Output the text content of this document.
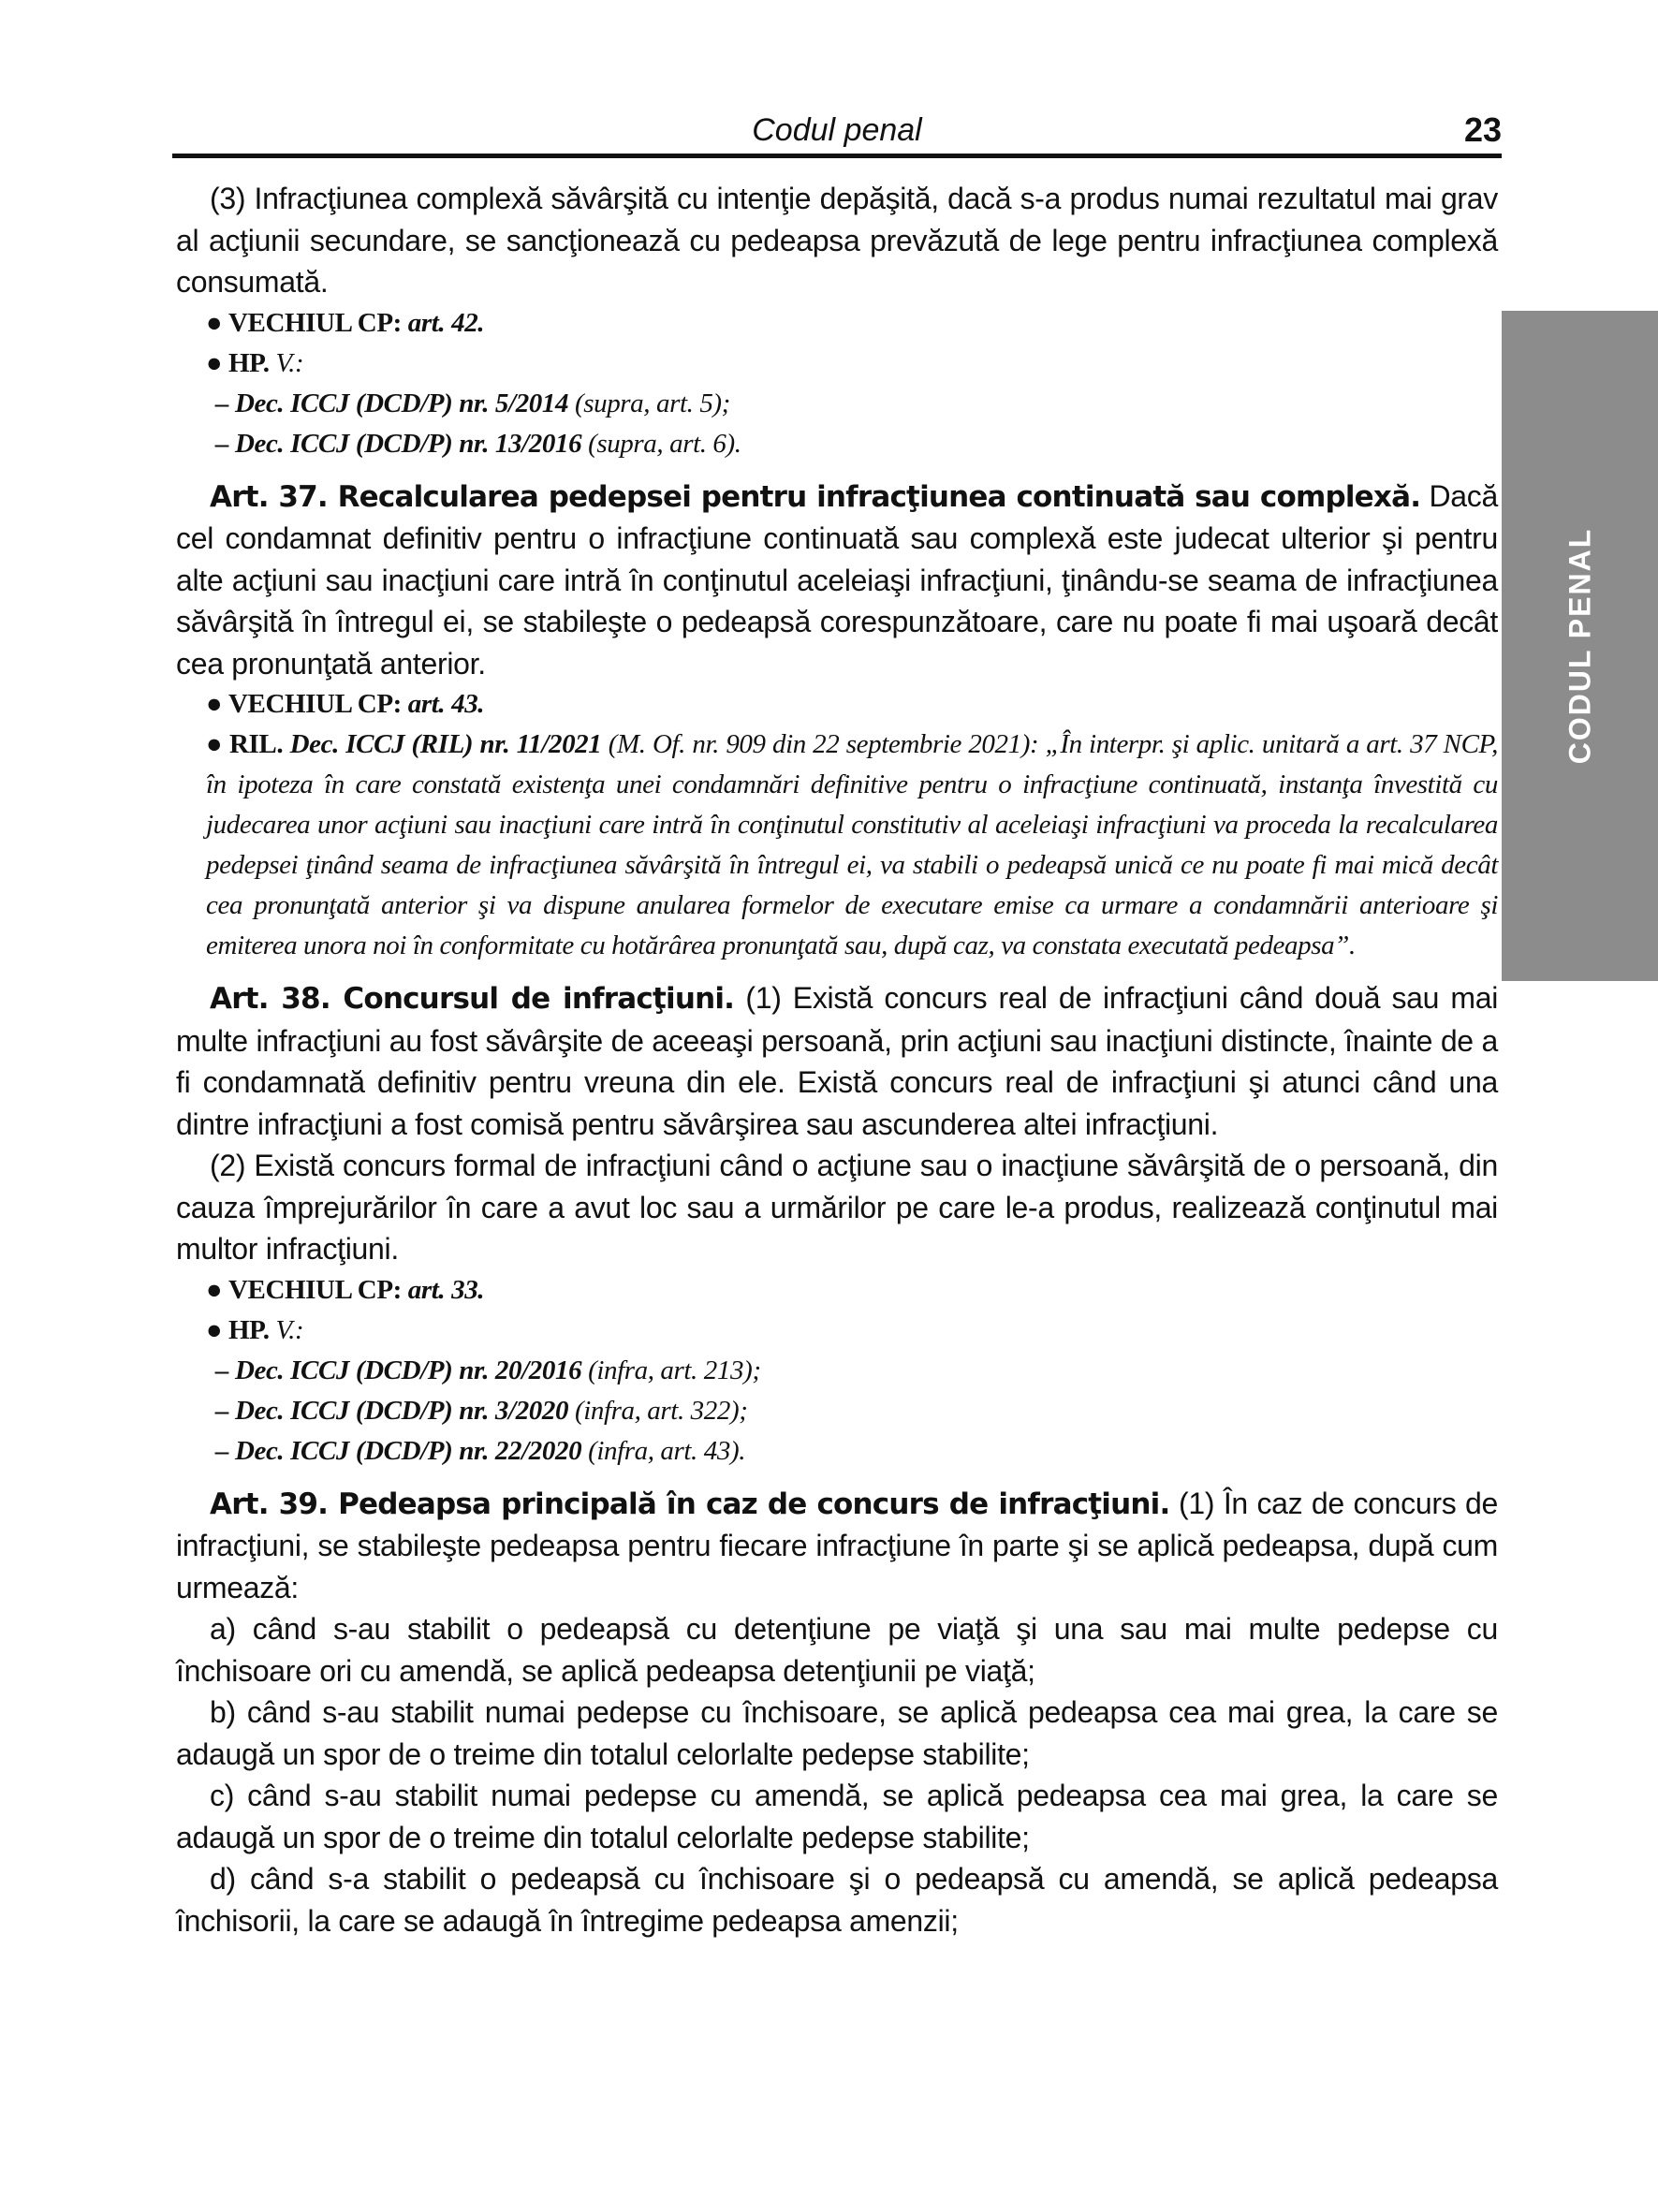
Codul penal	23
CODUL PENAL

(3) Infracţiunea complexă săvârşită cu intenţie depăşită, dacă s-a produs numai rezultatul mai grav al acţiunii secundare, se sancţionează cu pedeapsa prevăzută de lege pentru infracţiunea complexă consumată.

● VECHIUL CP: art. 42.

● HP. V.:

– Dec. ICCJ (DCD/P) nr. 5/2014 (supra, art. 5);

– Dec. ICCJ (DCD/P) nr. 13/2016 (supra, art. 6).

Art. 37. Recalcularea pedepsei pentru infracţiunea continuată sau complexă. Dacă cel condamnat definitiv pentru o infracţiune continuată sau complexă este judecat ulterior şi pentru alte acţiuni sau inacţiuni care intră în conţinutul aceleiaşi infracţiuni, ţinându-se seama de infracţiunea săvârşită în întregul ei, se stabileşte o pedeapsă corespunzătoare, care nu poate fi mai uşoară decât cea pronunţată anterior.

● VECHIUL CP: art. 43.

● RIL. Dec. ICCJ (RIL) nr. 11/2021 (M. Of. nr. 909 din 22 septembrie 2021): „În interpr. şi aplic. unitară a art. 37 NCP, în ipoteza în care constată existenţa unei condamnări definitive pentru o infracţiune continuată, instanţa învestită cu judecarea unor acţiuni sau inacţiuni care intră în conţinutul constitutiv al aceleiaşi infracţiuni va proceda la recalcularea pedepsei ţinând seama de infracţiunea săvârşită în întregul ei, va stabili o pedeapsă unică ce nu poate fi mai mică decât cea pronunţată anterior şi va dispune anularea formelor de executare emise ca urmare a condamnării anterioare şi emiterea unora noi în conformitate cu hotărârea pronunţată sau, după caz, va constata executată pedeapsa”.

Art. 38. Concursul de infracţiuni. (1) Există concurs real de infracţiuni când două sau mai multe infracţiuni au fost săvârşite de aceeaşi persoană, prin acţiuni sau inacţiuni distincte, înainte de a fi condamnată definitiv pentru vreuna din ele. Există concurs real de infracţiuni şi atunci când una dintre infracţiuni a fost comisă pentru săvârşirea sau ascunderea altei infracţiuni.

(2) Există concurs formal de infracţiuni când o acţiune sau o inacţiune săvârşită de o persoană, din cauza împrejurărilor în care a avut loc sau a urmărilor pe care le-a produs, realizează conţinutul mai multor infracţiuni.

● VECHIUL CP: art. 33.

● HP. V.:

– Dec. ICCJ (DCD/P) nr. 20/2016 (infra, art. 213);

– Dec. ICCJ (DCD/P) nr. 3/2020 (infra, art. 322);

– Dec. ICCJ (DCD/P) nr. 22/2020 (infra, art. 43).

Art. 39. Pedeapsa principală în caz de concurs de infracţiuni. (1) În caz de concurs de infracţiuni, se stabileşte pedeapsa pentru fiecare infracţiune în parte şi se aplică pedeapsa, după cum urmează:

a) când s-au stabilit o pedeapsă cu detenţiune pe viaţă şi una sau mai multe pedepse cu închisoare ori cu amendă, se aplică pedeapsa detenţiunii pe viaţă;

b) când s-au stabilit numai pedepse cu închisoare, se aplică pedeapsa cea mai grea, la care se adaugă un spor de o treime din totalul celorlalte pedepse stabilite;

c) când s-au stabilit numai pedepse cu amendă, se aplică pedeapsa cea mai grea, la care se adaugă un spor de o treime din totalul celorlalte pedepse stabilite;

d) când s-a stabilit o pedeapsă cu închisoare şi o pedeapsă cu amendă, se aplică pedeapsa închisorii, la care se adaugă în întregime pedeapsa amenzii;
